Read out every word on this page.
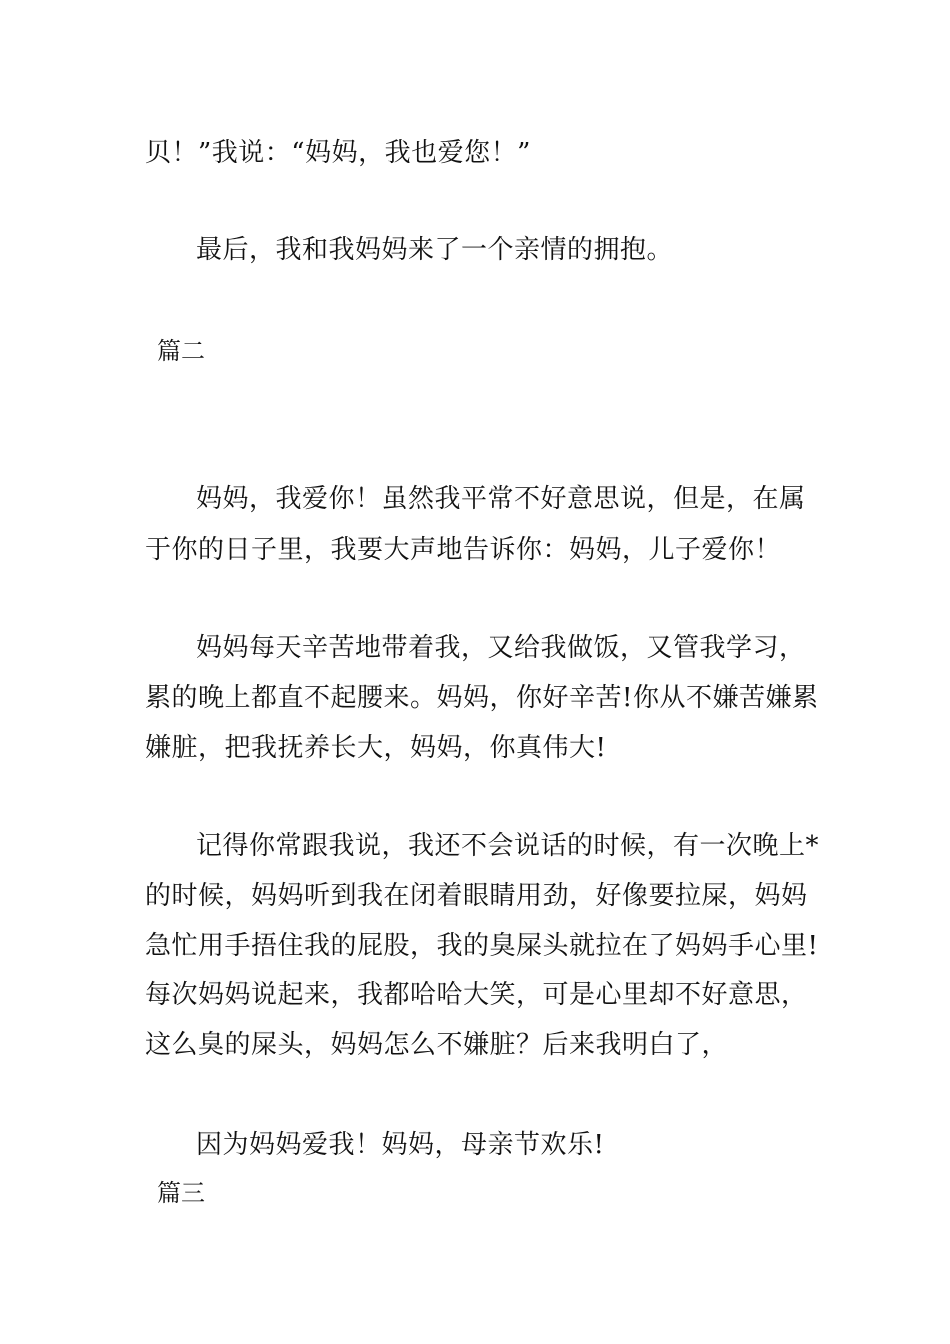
贝！”我说：“妈妈，我也爱您！”
最后，我和我妈妈来了一个亲情的拥抱。
篇二
妈妈，我爱你！虽然我平常不好意思说，但是，在属
于你的日子里，我要大声地告诉你：妈妈，儿子爱你！
妈妈每天辛苦地带着我，又给我做饭，又管我学习，
累的晚上都直不起腰来。妈妈，你好辛苦!你从不嫌苦嫌累
嫌脏，把我抚养长大，妈妈，你真伟大!
记得你常跟我说，我还不会说话的时候，有一次晚上*
的时候，妈妈听到我在闭着眼睛用劲，好像要拉屎，妈妈
急忙用手捂住我的屁股，我的臭屎头就拉在了妈妈手心里!
每次妈妈说起来，我都哈哈大笑，可是心里却不好意思，
这么臭的屎头，妈妈怎么不嫌脏？后来我明白了，
因为妈妈爱我！妈妈，母亲节欢乐!
篇三
